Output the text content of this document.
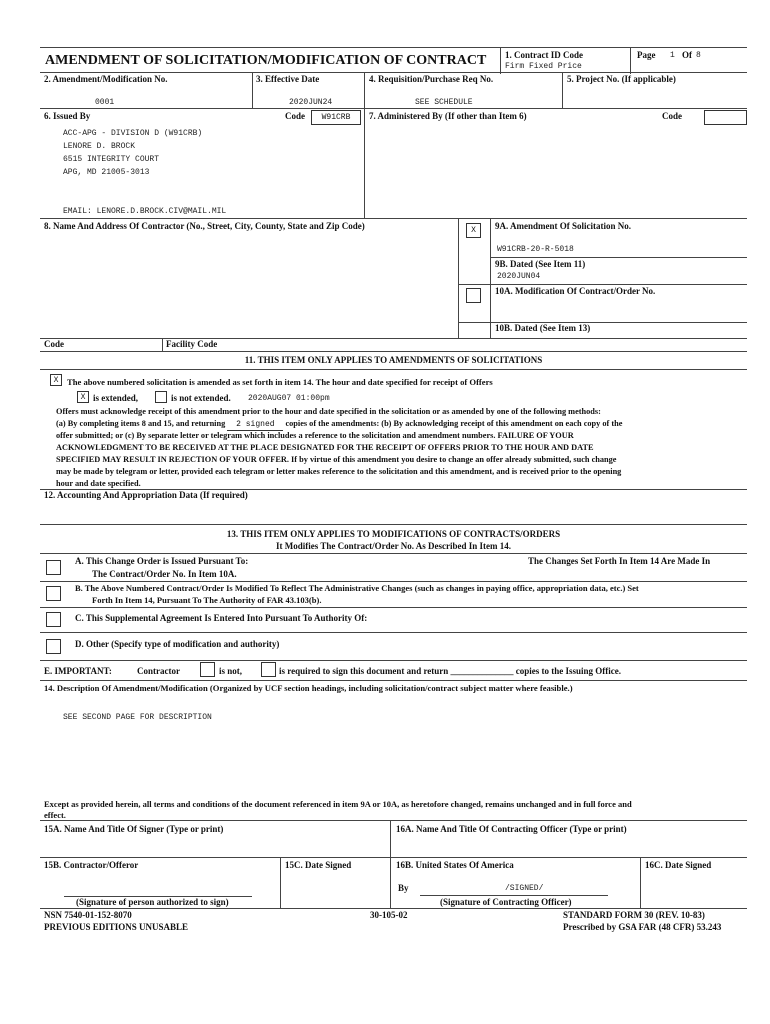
AMENDMENT OF SOLICITATION/MODIFICATION OF CONTRACT 1. Contract ID Code
Firm Fixed Price
Page 1 Of 8
2. Amendment/Modification No.
0001
3. Effective Date
2020JUN24
4. Requisition/Purchase Req No.
SEE SCHEDULE
5. Project No. (If applicable)
6. Issued By	Code	W91CRB
ACC-APG - DIVISION D (W91CRB)
LENORE D. BROCK
6515 INTEGRITY COURT
APG, MD 21005-3013
EMAIL: LENORE.D.BROCK.CIV@MAIL.MIL
7. Administered By (If other than Item 6)	Code
8. Name And Address Of Contractor (No., Street, City, County, State and Zip Code)
Code	Facility Code
X	9A. Amendment Of Solicitation No.
W91CRB-20-R-5018
9B. Dated (See Item 11)
2020JUN04
10A. Modification Of Contract/Order No.
10B. Dated (See Item 13)
11. THIS ITEM ONLY APPLIES TO AMENDMENTS OF SOLICITATIONS
X The above numbered solicitation is amended as set forth in item 14. The hour and date specified for receipt of Offers
X is extended,	is not extended. 2020AUG07 01:00pm
Offers must acknowledge receipt of this amendment prior to the hour and date specified in the solicitation or as amended by one of the following methods:
(a) By completing items 8 and 15, and returning 2 signed copies of the amendments: (b) By acknowledging receipt of this amendment on each copy of the
offer submitted; or (c) By separate letter or telegram which includes a reference to the solicitation and amendment numbers. FAILURE OF YOUR
ACKNOWLEDGMENT TO BE RECEIVED AT THE PLACE DESIGNATED FOR THE RECEIPT OF OFFERS PRIOR TO THE HOUR AND DATE
SPECIFIED MAY RESULT IN REJECTION OF YOUR OFFER. If by virtue of this amendment you desire to change an offer already submitted, such change
may be made by telegram or letter, provided each telegram or letter makes reference to the solicitation and this amendment, and is received prior to the opening
hour and date specified.
12. Accounting And Appropriation Data (If required)
13. THIS ITEM ONLY APPLIES TO MODIFICATIONS OF CONTRACTS/ORDERS
It Modifies The Contract/Order No. As Described In Item 14.
A. This Change Order is Issued Pursuant To:	The Changes Set Forth In Item 14 Are Made In
The Contract/Order No. In Item 10A.
B. The Above Numbered Contract/Order Is Modified To Reflect The Administrative Changes (such as changes in paying office, appropriation data, etc.) Set
Forth In Item 14, Pursuant To The Authority of FAR 43.103(b).
C. This Supplemental Agreement Is Entered Into Pursuant To Authority Of:
D. Other (Specify type of modification and authority)
E. IMPORTANT:	Contractor	is not,	is required to sign this document and return ______________ copies to the Issuing Office.
14. Description Of Amendment/Modification (Organized by UCF section headings, including solicitation/contract subject matter where feasible.)
SEE SECOND PAGE FOR DESCRIPTION
Except as provided herein, all terms and conditions of the document referenced in item 9A or 10A, as heretofore changed, remains unchanged and in full force and
effect.
15A. Name And Title Of Signer (Type or print)	16A. Name And Title Of Contracting Officer (Type or print)
15B. Contractor/Offeror	15C. Date Signed	16B. United States Of America	16C. Date Signed
(Signature of person authorized to sign)
By	/SIGNED/
(Signature of Contracting Officer)
NSN 7540-01-152-8070
PREVIOUS EDITIONS UNUSABLE
30-105-02	STANDARD FORM 30 (REV. 10-83)
Prescribed by GSA FAR (48 CFR) 53.243
